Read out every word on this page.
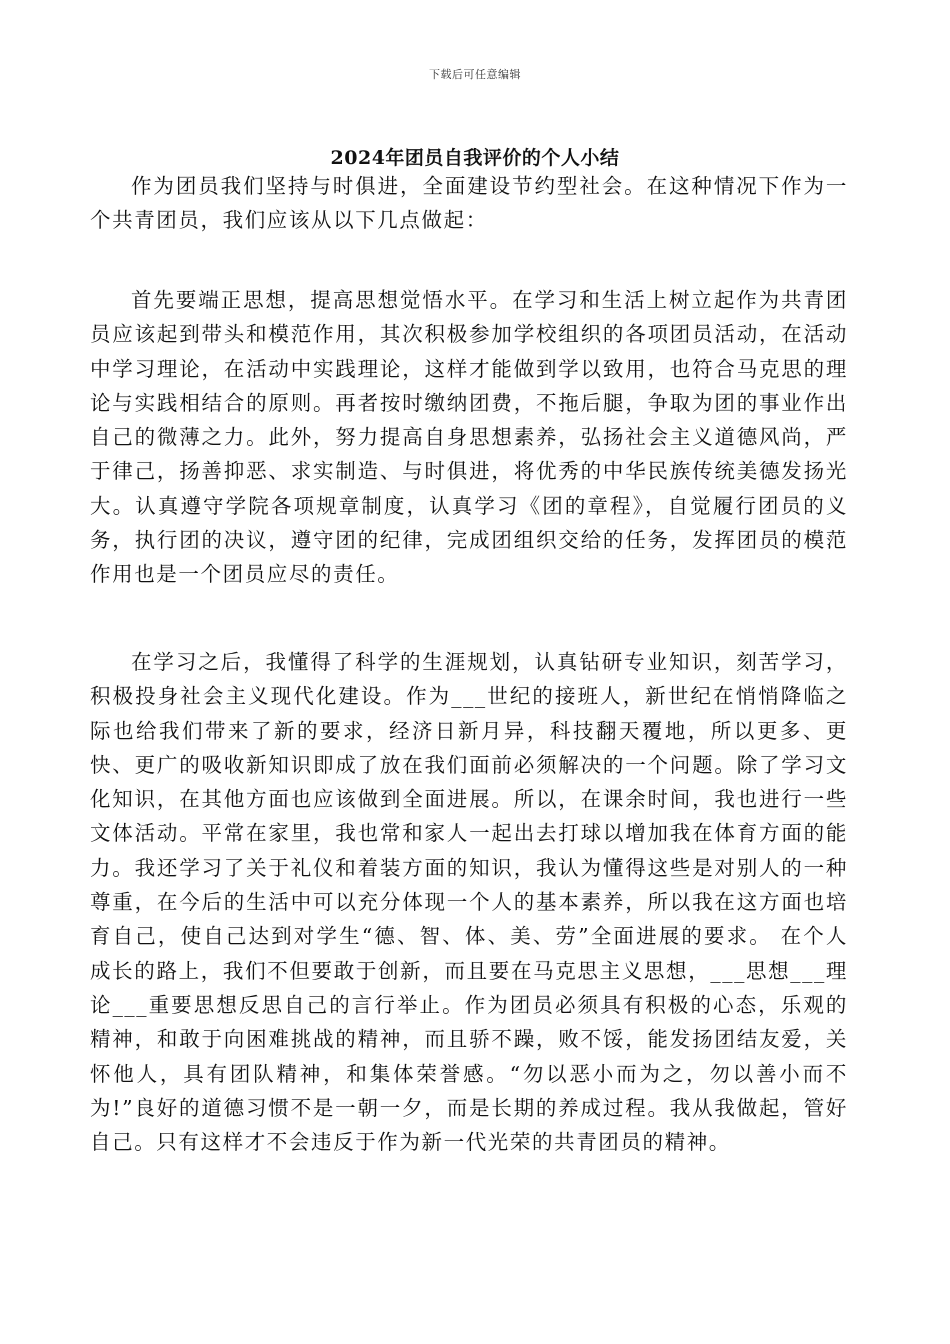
下载后可任意编辑
2024年团员自我评价的个人小结

作为团员我们坚持与时俱进，全面建设节约型社会。在这种情况下作为一个共青团员，我们应该从以下几点做起：

首先要端正思想，提高思想觉悟水平。在学习和生活上树立起作为共青团员应该起到带头和模范作用，其次积极参加学校组织的各项团员活动，在活动中学习理论，在活动中实践理论，这样才能做到学以致用，也符合马克思的理论与实践相结合的原则。再者按时缴纳团费，不拖后腿，争取为团的事业作出自己的微薄之力。此外，努力提高自身思想素养，弘扬社会主义道德风尚，严于律己，扬善抑恶、求实制造、与时俱进，将优秀的中华民族传统美德发扬光大。认真遵守学院各项规章制度，认真学习《团的章程》，自觉履行团员的义务，执行团的决议，遵守团的纪律，完成团组织交给的任务，发挥团员的模范作用也是一个团员应尽的责任。

在学习之后，我懂得了科学的生涯规划，认真钻研专业知识，刻苦学习，积极投身社会主义现代化建设。作为___世纪的接班人，新世纪在悄悄降临之际也给我们带来了新的要求，经济日新月异，科技翻天覆地，所以更多、更快、更广的吸收新知识即成了放在我们面前必须解决的一个问题。除了学习文化知识，在其他方面也应该做到全面进展。所以，在课余时间，我也进行一些文体活动。平常在家里，我也常和家人一起出去打球以增加我在体育方面的能力。我还学习了关于礼仪和着装方面的知识，我认为懂得这些是对别人的一种尊重，在今后的生活中可以充分体现一个人的基本素养，所以我在这方面也培育自己，使自己达到对学生“德、智、体、美、劳”全面进展的要求。 在个人成长的路上，我们不但要敢于创新，而且要在马克思主义思想，___思想___理论___重要思想反思自己的言行举止。作为团员必须具有积极的心态，乐观的精神，和敢于向困难挑战的精神，而且骄不躁，败不馁，能发扬团结友爱，关怀他人，具有团队精神，和集体荣誉感。“勿以恶小而为之，勿以善小而不为!”良好的道德习惯不是一朝一夕，而是长期的养成过程。我从我做起，管好自己。只有这样才不会违反于作为新一代光荣的共青团员的精神。
